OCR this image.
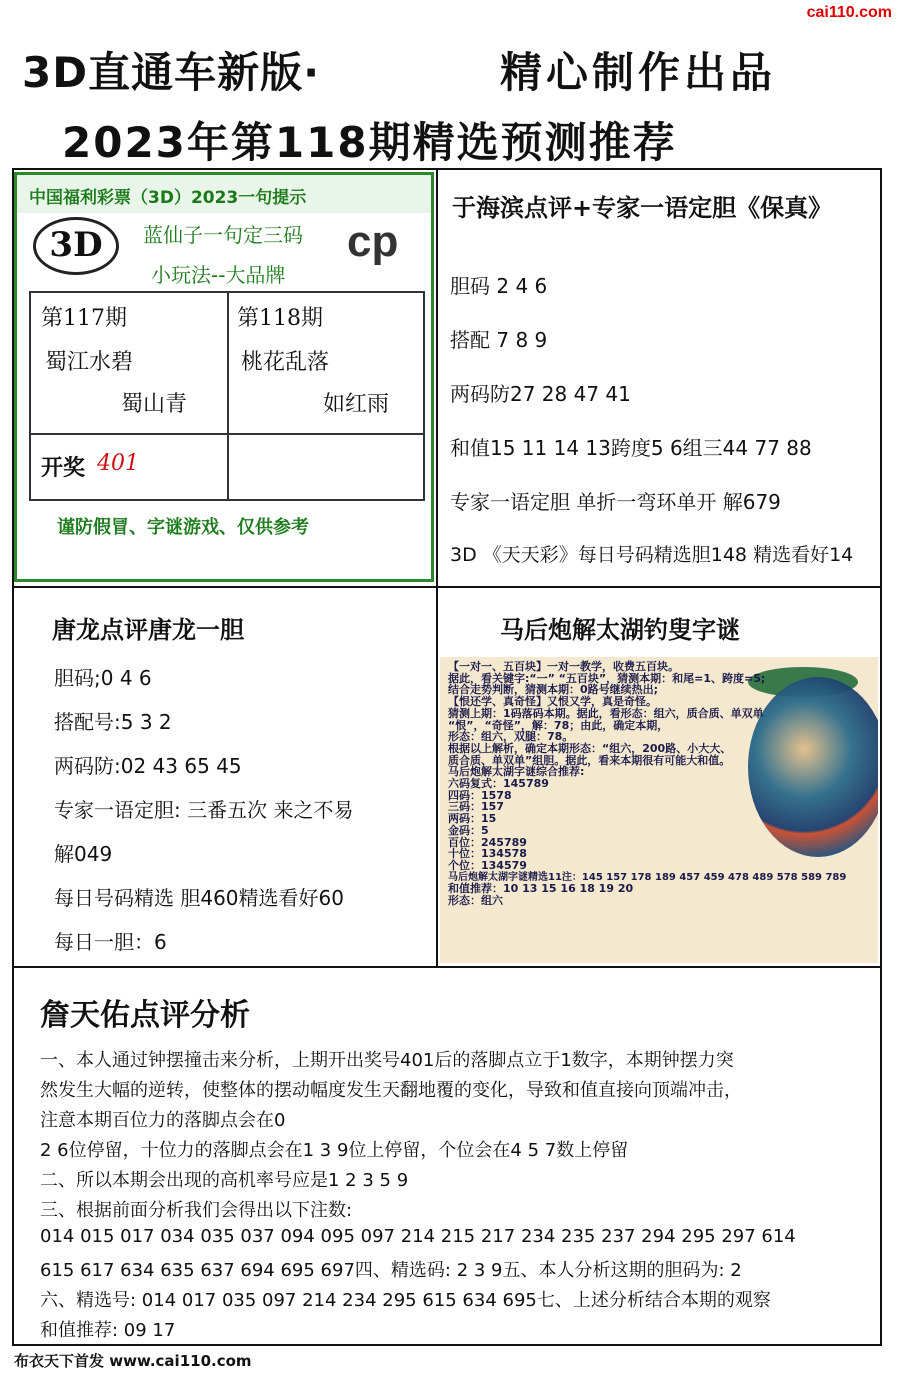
cai110.com
3D直通车新版·	精心制作出品
2023年第118期精选预测推荐
中国福利彩票（3D）2023一句提示
3D	蓝仙子一句定三码
小玩法--大品牌
cp
第117期
蜀江水碧
蜀山青
第118期
桃花乱落
如红雨
开奖 401
谨防假冒、字谜游戏、仅供参考
于海滨点评+专家一语定胆《保真》
胆码 2 4 6
搭配 7 8 9
两码防27 28 47 41
和值15 11 14 13跨度5 6组三44 77 88
专家一语定胆 单折一弯环单开 解679
3D 《天天彩》每日号码精选胆148 精选看好14
唐龙点评唐龙一胆
胆码;0 4 6
搭配号:5 3 2
两码防:02 43 65 45
专家一语定胆: 三番五次 来之不易
解049
每日号码精选 胆460精选看好60
每日一胆：6
马后炮解太湖钓叟字谜
【一对一、五百块】一对一教学，收费五百块。
据此，看关键字:“一” “五百块”，猜测本期：和尾=1、跨度=5;
结合走势判断，猜测本期：0路号继续热出;
【恨还学、真奇怪】又恨又学，真是奇怪。
猜测上期：1码落码本期。据此，看形态：组六，质合质、单双单
“恨”，“奇怪”，解：78；由此，确定本期，
形态：组六，双腿：78。
根据以上解析，确定本期形态：“组六，200路、小大大、
质合质、单双单”组胆。据此，看来本期很有可能大和值。
马后炮解太湖字谜综合推荐:
六码复式：145789
四码：1578
三码：157
两码：15
金码：5
百位：245789
十位：134578
个位：134579
马后炮解太湖字谜精选11注：145 157 178 189 457 459 478 489 578 589 789
和值推荐：10 13 15 16 18 19 20
形态：组六
詹天佑点评分析
一、本人通过钟摆撞击来分析，上期开出奖号401后的落脚点立于1数字，本期钟摆力突
然发生大幅的逆转，使整体的摆动幅度发生天翻地覆的变化，导致和值直接向顶端冲击，
注意本期百位力的落脚点会在0
2 6位停留，十位力的落脚点会在1 3 9位上停留，个位会在4 5 7数上停留
二、所以本期会出现的高机率号应是1 2 3 5 9
三、根据前面分析我们会得出以下注数:
014 015 017 034 035 037 094 095 097 214 215 217 234 235 237 294 295 297 614
615 617 634 635 637 694 695 697四、精选码: 2 3 9五、本人分析这期的胆码为: 2
六、精选号: 014 017 035 097 214 234 295 615 634 695七、上述分析结合本期的观察
和值推荐: 09 17
布衣天下首发 www.cai110.com
